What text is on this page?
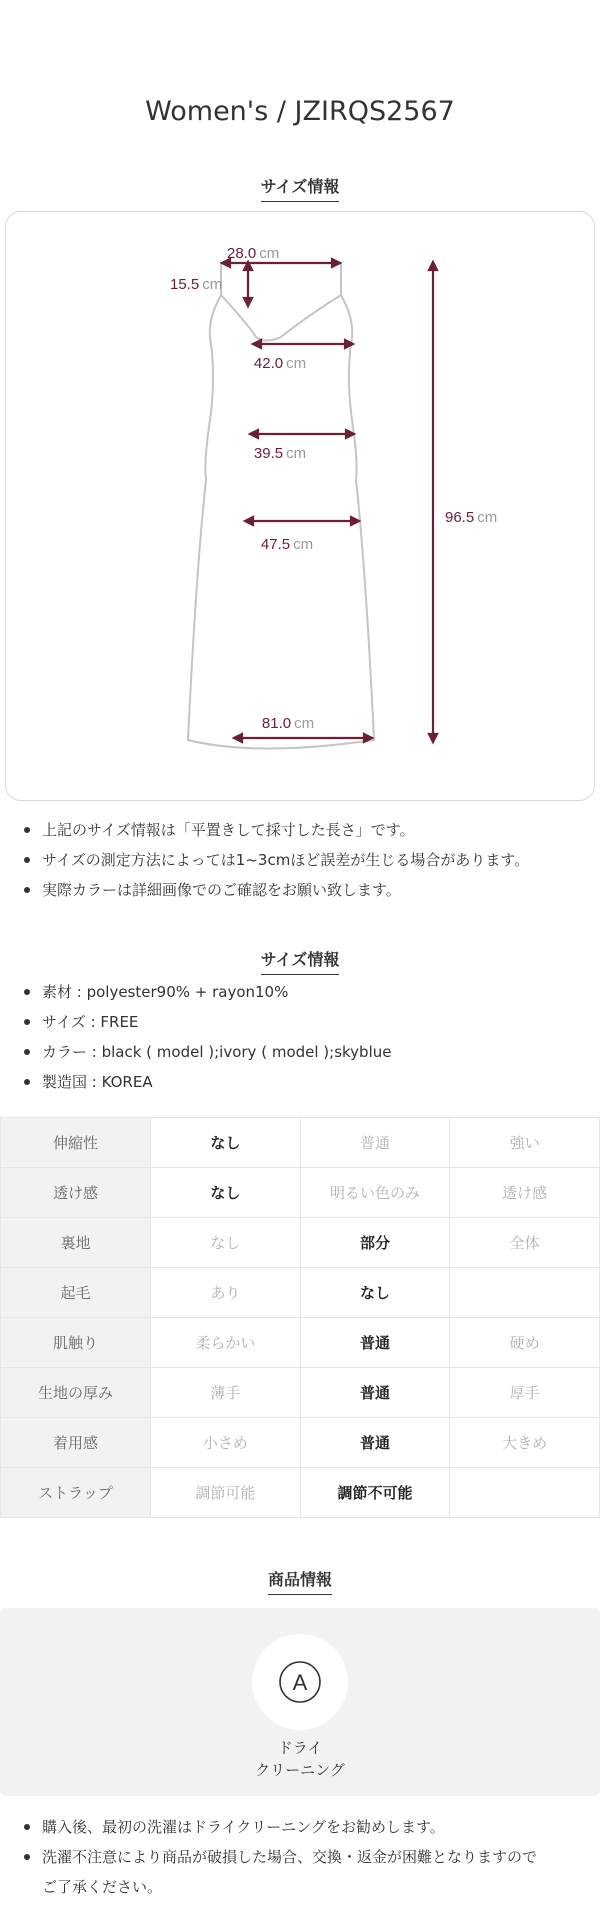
Women's / JZIRQS2567
サイズ情報
28.0 cm
15.5 cm
42.0 cm
39.5 cm
47.5 cm
81.0 cm
96.5 cm
上記のサイズ情報は「平置きして採寸した長さ」です。
サイズの測定方法によっては1~3cmほど誤差が生じる場合があります。
実際カラーは詳細画像でのご確認をお願い致します。
サイズ情報
素材 : polyester90% + rayon10%
サイズ : FREE
カラー : black ( model );ivory ( model );skyblue
製造国 : KOREA
伸縮性	なし	普通	強い
透け感	なし	明るい色のみ	透け感
裏地	なし	部分	全体
起毛	あり	なし	
肌触り	柔らかい	普通	硬め
生地の厚み	薄手	普通	厚手
着用感	小さめ	普通	大きめ
ストラップ	調節可能	調節不可能	
商品情報
A
ドライ
クリーニング
購入後、最初の洗濯はドライクリーニングをお勧めします。
洗濯不注意により商品が破損した場合、交換・返金が困難となりますので
ご了承ください。
